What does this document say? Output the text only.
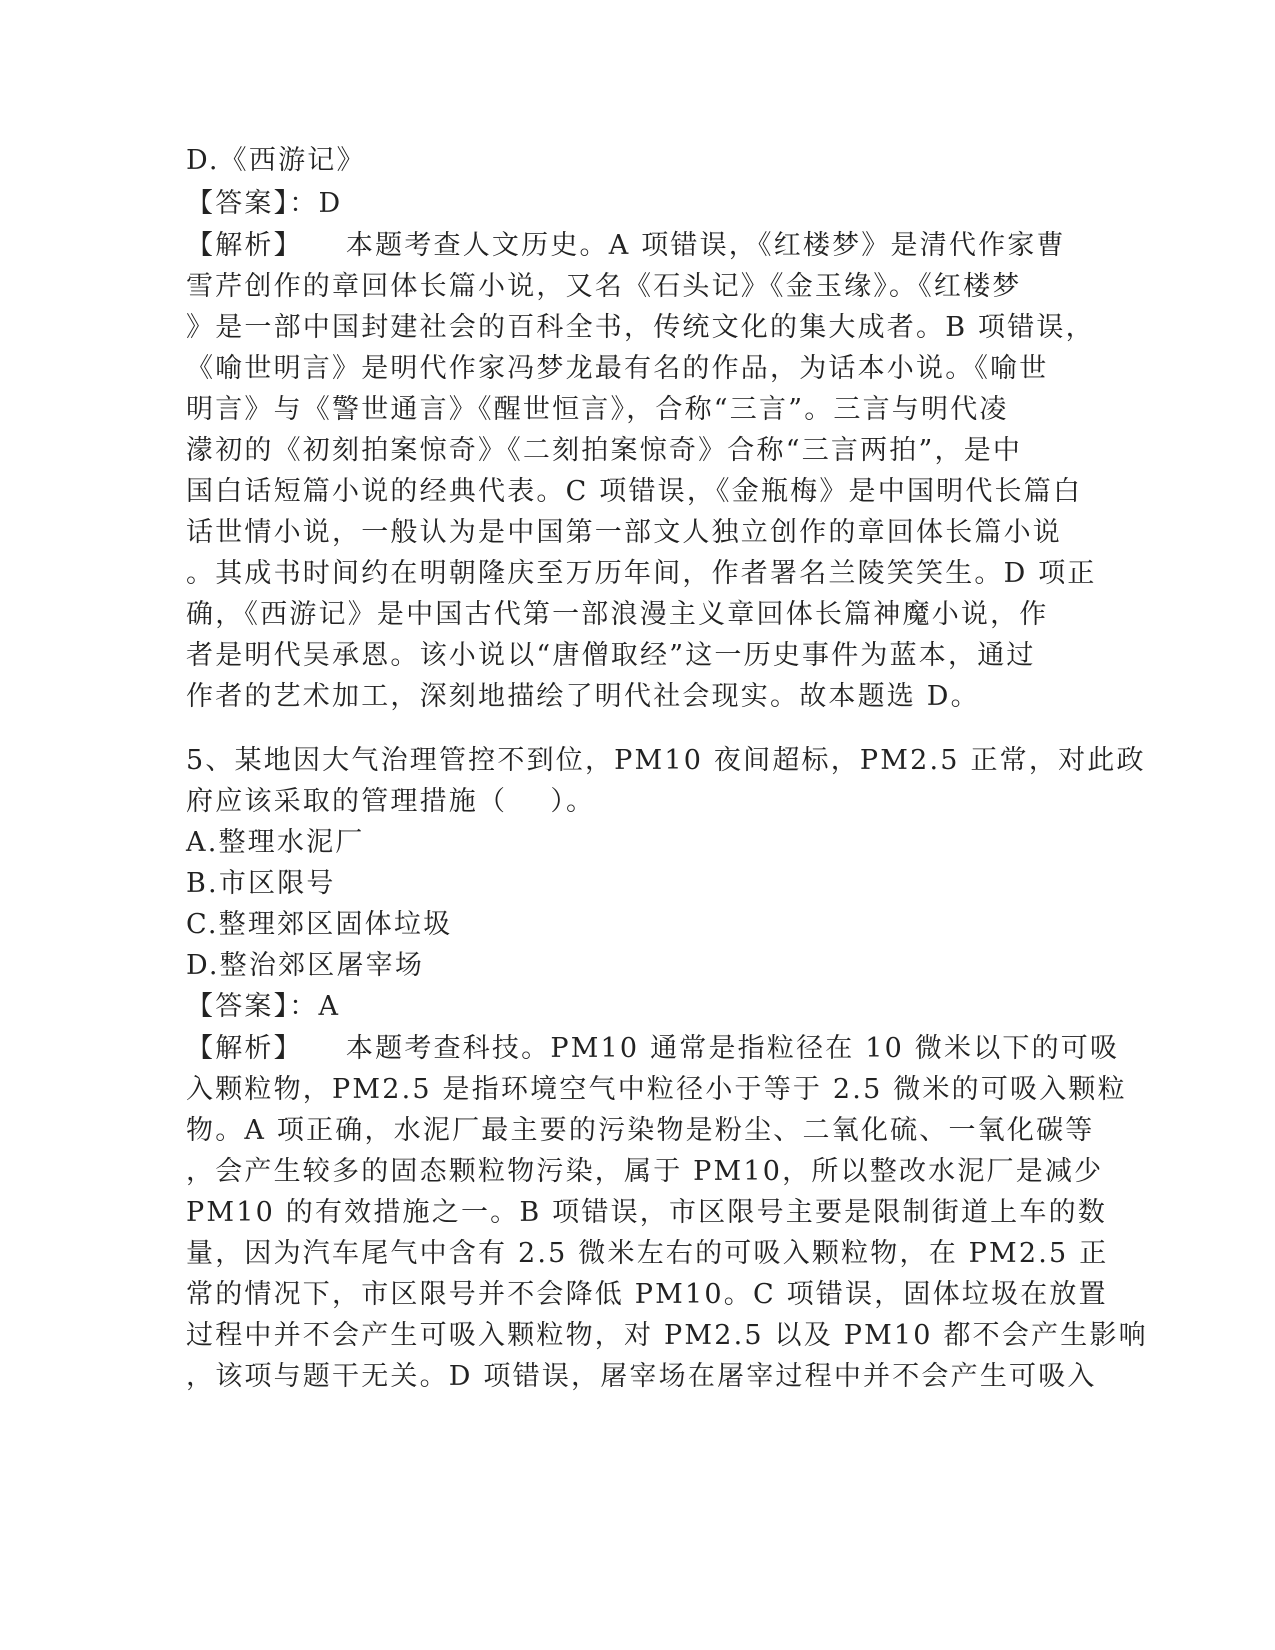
D.《西游记》
【答案】：D
【解析】    本题考查人文历史。A 项错误，《红楼梦》是清代作家曹
雪芹创作的章回体长篇小说，又名《石头记》《金玉缘》。《红楼梦
》是一部中国封建社会的百科全书，传统文化的集大成者。B 项错误，
《喻世明言》是明代作家冯梦龙最有名的作品，为话本小说。《喻世
明言》与《警世通言》《醒世恒言》，合称“三言”。三言与明代凌
濛初的《初刻拍案惊奇》《二刻拍案惊奇》合称“三言两拍”，是中
国白话短篇小说的经典代表。C 项错误，《金瓶梅》是中国明代长篇白
话世情小说，一般认为是中国第一部文人独立创作的章回体长篇小说
。其成书时间约在明朝隆庆至万历年间，作者署名兰陵笑笑生。D 项正
确，《西游记》是中国古代第一部浪漫主义章回体长篇神魔小说，作
者是明代吴承恩。该小说以“唐僧取经”这一历史事件为蓝本，通过
作者的艺术加工，深刻地描绘了明代社会现实。故本题选 D。
5、某地因大气治理管控不到位，PM10 夜间超标，PM2.5 正常，对此政
府应该采取的管理措施（    ）。
A.整理水泥厂
B.市区限号
C.整理郊区固体垃圾
D.整治郊区屠宰场
【答案】：A
【解析】    本题考查科技。PM10 通常是指粒径在 10 微米以下的可吸
入颗粒物，PM2.5 是指环境空气中粒径小于等于 2.5 微米的可吸入颗粒
物。A 项正确，水泥厂最主要的污染物是粉尘、二氧化硫、一氧化碳等
，会产生较多的固态颗粒物污染，属于 PM10，所以整改水泥厂是减少
PM10 的有效措施之一。B 项错误，市区限号主要是限制街道上车的数
量，因为汽车尾气中含有 2.5 微米左右的可吸入颗粒物，在 PM2.5 正
常的情况下，市区限号并不会降低 PM10。C 项错误，固体垃圾在放置
过程中并不会产生可吸入颗粒物，对 PM2.5 以及 PM10 都不会产生影响
，该项与题干无关。D 项错误，屠宰场在屠宰过程中并不会产生可吸入
